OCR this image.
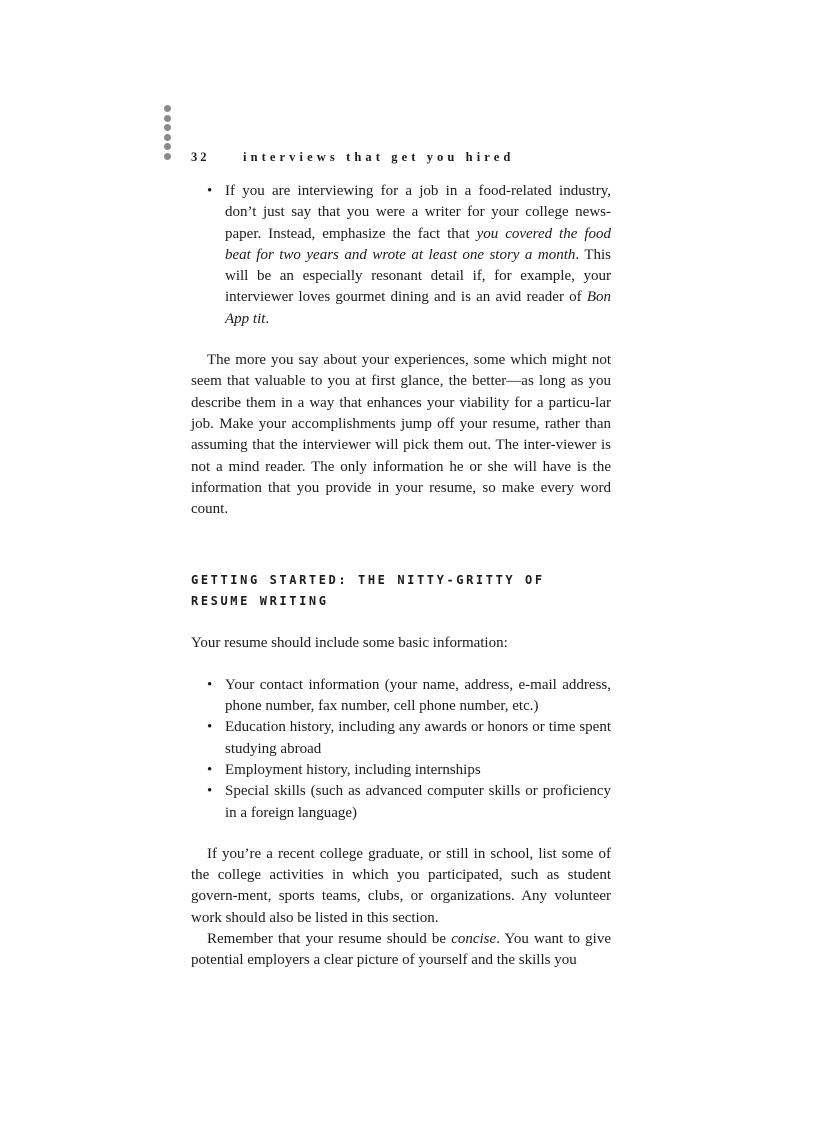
32	interviews that get you hired
• If you are interviewing for a job in a food-related industry, don’t just say that you were a writer for your college news-paper. Instead, emphasize the fact that you covered the food beat for two years and wrote at least one story a month. This will be an especially resonant detail if, for example, your interviewer loves gourmet dining and is an avid reader of Bon App tit.

The more you say about your experiences, some which might not seem that valuable to you at first glance, the better—as long as you describe them in a way that enhances your viability for a particu-lar job. Make your accomplishments jump off your resume, rather than assuming that the interviewer will pick them out. The inter-viewer is not a mind reader. The only information he or she will have is the information that you provide in your resume, so make every word count.

GETTING STARTED: THE NITTY-GRITTY OF
RESUME WRITING

Your resume should include some basic information:

• Your contact information (your name, address, e-mail address, phone number, fax number, cell phone number, etc.)
• Education history, including any awards or honors or time spent studying abroad
• Employment history, including internships
• Special skills (such as advanced computer skills or proficiency in a foreign language)

If you’re a recent college graduate, or still in school, list some of the college activities in which you participated, such as student govern-ment, sports teams, clubs, or organizations. Any volunteer work should also be listed in this section.

Remember that your resume should be concise. You want to give potential employers a clear picture of yourself and the skills you
